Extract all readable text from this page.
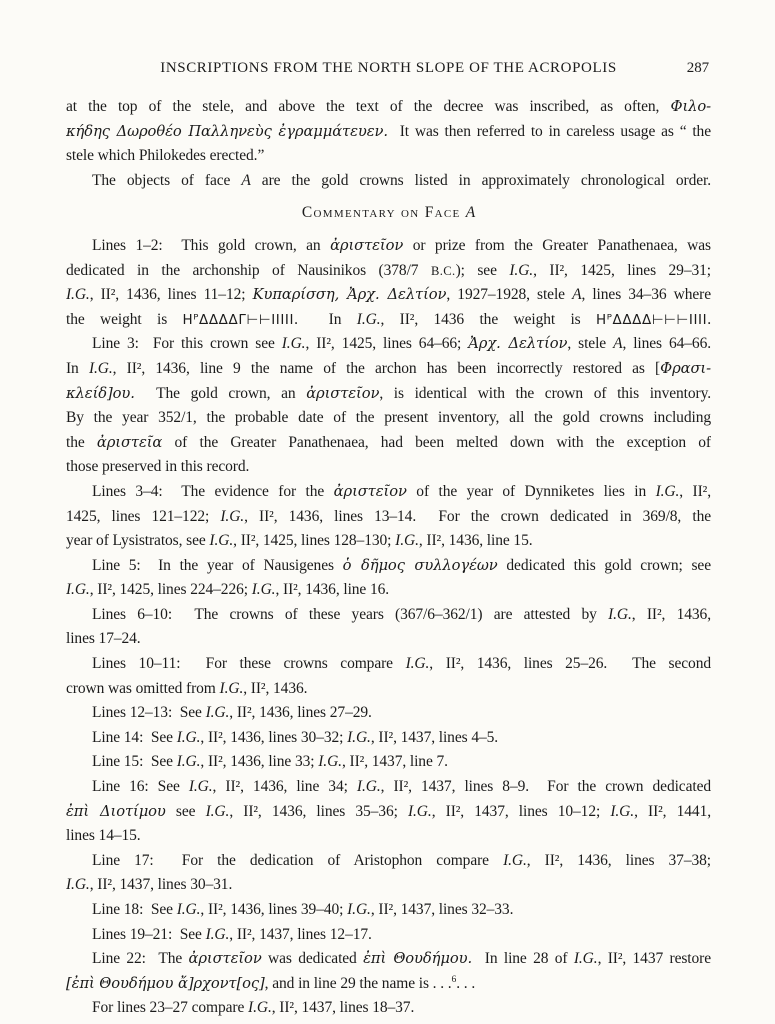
INSCRIPTIONS FROM THE NORTH SLOPE OF THE ACROPOLIS	287
at the top of the stele, and above the text of the decree was inscribed, as often, Φιλο-
κήδης Δωροθέο Παλληνεὺς ἐγραμμάτευεν.  It was then referred to in careless usage as “ the
stele which Philokedes erected.”
The objects of face A are the gold crowns listed in approximately chronological order.
Commentary on Face A
Lines 1–2:  This gold crown, an ἀριστεῖον or prize from the Greater Panathenaea, was
dedicated in the archonship of Nausinikos (378/7 B.C.); see I.G., II², 1425, lines 29–31;
I.G., II², 1436, lines 11–12; Κυπαρίσση, Ἀρχ. Δελτίον, 1927–1928, stele A, lines 34–36 where
the weight is ΗᴾΔΔΔΔΓ⊢⊢ΙΙΙΙΙ.  In I.G., II², 1436 the weight is ΗᴾΔΔΔΔ⊢⊢⊢ΙΙΙΙ.
Line 3:  For this crown see I.G., II², 1425, lines 64–66; Ἀρχ. Δελτίον, stele A, lines 64–66.
In I.G., II², 1436, line 9 the name of the archon has been incorrectly restored as [Φρασι-
κλείδ]ου.  The gold crown, an ἀριστεῖον, is identical with the crown of this inventory.
By the year 352/1, the probable date of the present inventory, all the gold crowns including
the ἀριστεῖα of the Greater Panathenaea, had been melted down with the exception of
those preserved in this record.
Lines 3–4:  The evidence for the ἀριστεῖον of the year of Dynniketes lies in I.G., II²,
1425, lines 121–122; I.G., II², 1436, lines 13–14.  For the crown dedicated in 369/8, the
year of Lysistratos, see I.G., II², 1425, lines 128–130; I.G., II², 1436, line 15.
Line 5:  In the year of Nausigenes ὁ δῆμος συλλογέων dedicated this gold crown; see
I.G., II², 1425, lines 224–226; I.G., II², 1436, line 16.
Lines 6–10:  The crowns of these years (367/6–362/1) are attested by I.G., II², 1436,
lines 17–24.
Lines 10–11:  For these crowns compare I.G., II², 1436, lines 25–26.  The second
crown was omitted from I.G., II², 1436.
Lines 12–13:  See I.G., II², 1436, lines 27–29.
Line 14:  See I.G., II², 1436, lines 30–32; I.G., II², 1437, lines 4–5.
Line 15:  See I.G., II², 1436, line 33; I.G., II², 1437, line 7.
Line 16: See I.G., II², 1436, line 34; I.G., II², 1437, lines 8–9.  For the crown dedicated
ἐπὶ Διοτίμου see I.G., II², 1436, lines 35–36; I.G., II², 1437, lines 10–12; I.G., II², 1441,
lines 14–15.
Line 17:  For the dedication of Aristophon compare I.G., II², 1436, lines 37–38;
I.G., II², 1437, lines 30–31.
Line 18:  See I.G., II², 1436, lines 39–40; I.G., II², 1437, lines 32–33.
Lines 19–21:  See I.G., II², 1437, lines 12–17.
Line 22:  The ἀριστεῖον was dedicated ἐπὶ Θουδήμου.  In line 28 of I.G., II², 1437 restore
[ἐπὶ Θουδήμου ἄ]ρχοντ[ος], and in line 29 the name is . . .$^6$. . .
For lines 23–27 compare I.G., II², 1437, lines 18–37.
